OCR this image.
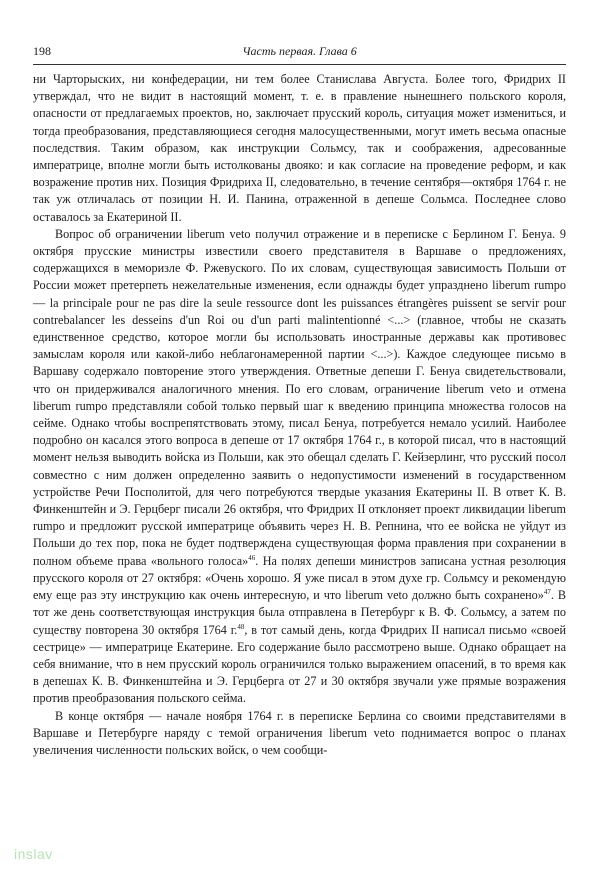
198	Часть первая. Глава 6

ни Чарторыских, ни конфедерации, ни тем более Станислава Августа. Более того, Фридрих II утверждал, что не видит в настоящий момент, т. е. в правление нынешнего польского короля, опасности от предлагаемых проектов, но, заключает прусский король, ситуация может измениться, и тогда преобразования, представляющиеся сегодня малосущественными, могут иметь весьма опасные последствия. Таким образом, как инструкции Сольмсу, так и соображения, адресованные императрице, вполне могли быть истолкованы двояко: и как согласие на проведение реформ, и как возражение против них. Позиция Фридриха II, следовательно, в течение сентября—октября 1764 г. не так уж отличалась от позиции Н. И. Панина, отраженной в депеше Сольмса. Последнее слово оставалось за Екатериной II.

Вопрос об ограничении liberum veto получил отражение и в переписке с Берлином Г. Бенуа. 9 октября прусские министры известили своего представителя в Варшаве о предложениях, содержащихся в меморизле Ф. Ржевуского. По их словам, существующая зависимость Польши от России может претерпеть нежелательные изменения, если однажды будет упразднено liberum rumpo — la principale pour ne pas dire la seule ressource dont les puissances étrangères puissent se servir pour contrebalancer les desseins d'un Roi ou d'un parti malintentionné <...> (главное, чтобы не сказать единственное средство, которое могли бы использовать иностранные державы как противовес замыслам короля или какой-либо неблагонамеренной партии <...>). Каждое следующее письмо в Варшаву содержало повторение этого утверждения. Ответные депеши Г. Бенуа свидетельствовали, что он придерживался аналогичного мнения. По его словам, ограничение liberum veto и отмена liberum rumpo представляли собой только первый шаг к введению принципа множества голосов на сейме. Однако чтобы воспрепятствовать этому, писал Бенуа, потребуется немало усилий. Наиболее подробно он касался этого вопроса в депеше от 17 октября 1764 г., в которой писал, что в настоящий момент нельзя выводить войска из Польши, как это обещал сделать Г. Кейзерлинг, что русский посол совместно с ним должен определенно заявить о недопустимости изменений в государственном устройстве Речи Посполитой, для чего потребуются твердые указания Екатерины II. В ответ К. В. Финкенштейн и Э. Герцберг писали 26 октября, что Фридрих II отклоняет проект ликвидации liberum rumpo и предложит русской императрице объявить через Н. В. Репнина, что ее войска не уйдут из Польши до тех пор, пока не будет подтверждена существующая форма правления при сохранении в полном объеме права «вольного голоса»$^{46}$. На полях депеши министров записана устная резолюция прусского короля от 27 октября: «Очень хорошо. Я уже писал в этом духе гр. Сольмсу и рекомендую ему еще раз эту инструкцию как очень интересную, и что liberum veto должно быть сохранено»$^{47}$. В тот же день соответствующая инструкция была отправлена в Петербург к В. Ф. Сольмсу, а затем по существу повторена 30 октября 1764 г.$^{48}$, в тот самый день, когда Фридрих II написал письмо «своей сестрице» — императрице Екатерине. Его содержание было рассмотрено выше. Однако обращает на себя внимание, что в нем прусский король ограничился только выражением опасений, в то время как в депешах К. В. Финкенштейна и Э. Герцберга от 27 и 30 октября звучали уже прямые возражения против преобразования польского сейма.

В конце октября — начале ноября 1764 г. в переписке Берлина со своими представителями в Варшаве и Петербурге наряду с темой ограничения liberum veto поднимается вопрос о планах увеличения численности польских войск, о чем сообщи-

inslav
